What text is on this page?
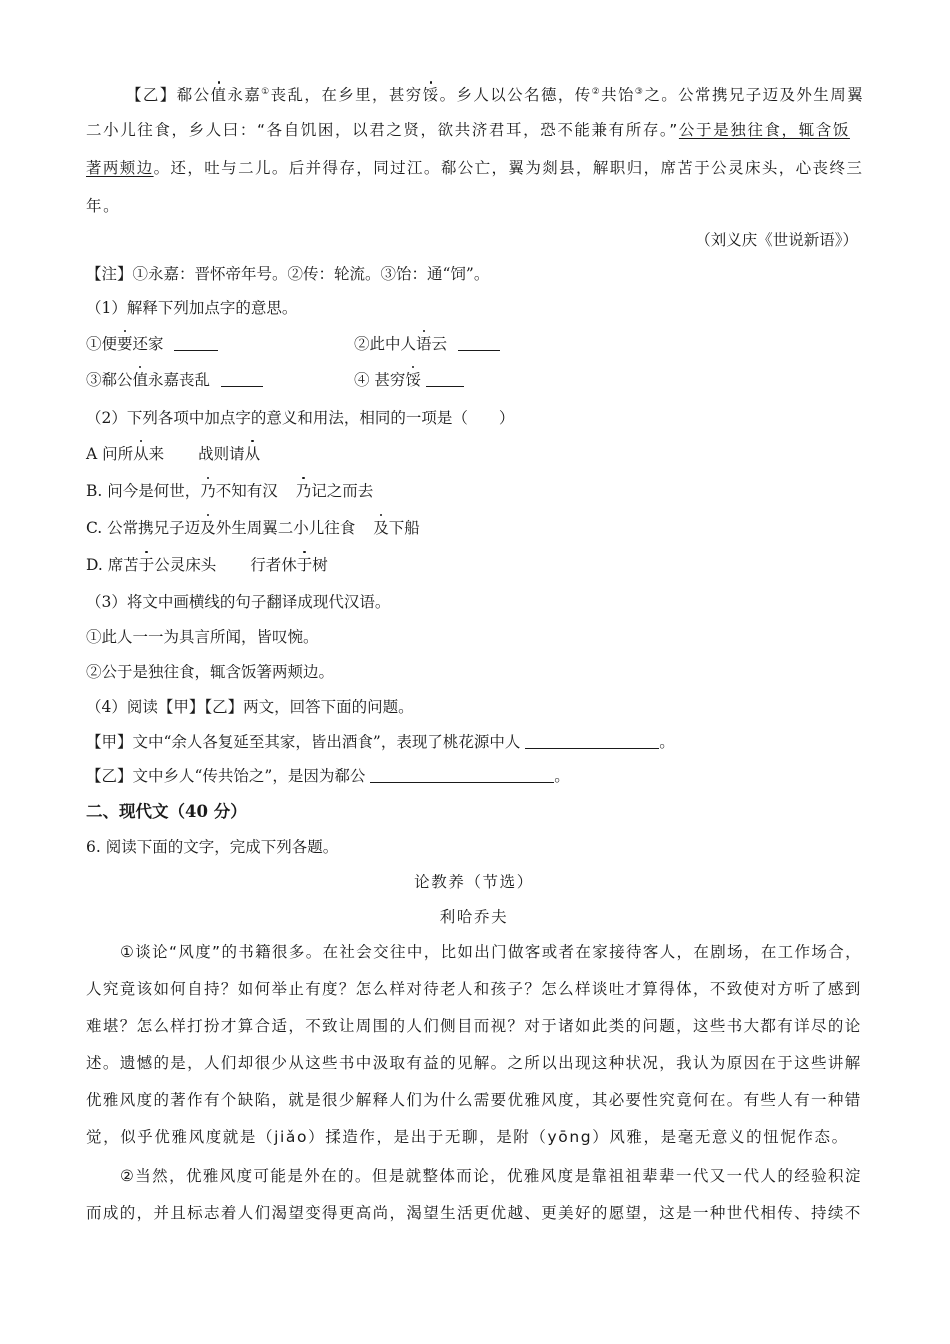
【乙】郗公值永嘉①丧乱，在乡里，甚穷馁。乡人以公名德，传②共饴③之。公常携兄子迈及外生周翼
二小儿往食，乡人曰：“各自饥困，以君之贤，欲共济君耳，恐不能兼有所存。”公于是独往食，辄含饭
著两颊边。还，吐与二儿。后并得存，同过江。郗公亡，翼为剡县，解职归，席苫于公灵床头，心丧终三
年。
（刘义庆《世说新语》）
【注】①永嘉：晋怀帝年号。②传：轮流。③饴：通“饲”。
（1）解释下列加点字的意思。
①便要还家	②此中人语云
③郗公值永嘉丧乱	④ 甚穷馁
（2）下列各项中加点字的意义和用法，相同的一项是（　　）
A 问所从来 战则请从
B. 问今是何世，乃不知有汉 乃记之而去
C. 公常携兄子迈及外生周翼二小儿往食 及下船
D. 席苫于公灵床头 行者休于树
（3）将文中画横线的句子翻译成现代汉语。
①此人一一为具言所闻，皆叹惋。
②公于是独往食，辄含饭箸两颊边。
（4）阅读【甲】【乙】两文，回答下面的问题。
【甲】文中“余人各复延至其家，皆出酒食”，表现了桃花源中人	。
【乙】文中乡人“传共饴之”，是因为郗公	。
二、现代文（40 分）
6. 阅读下面的文字，完成下列各题。
论教养（节选）
利哈乔夫
①谈论“风度”的书籍很多。在社会交往中，比如出门做客或者在家接待客人，在剧场，在工作场合，
人究竟该如何自持？如何举止有度？怎么样对待老人和孩子？怎么样谈吐才算得体，不致使对方听了感到
难堪？怎么样打扮才算合适，不致让周围的人们侧目而视？对于诸如此类的问题，这些书大都有详尽的论
述。遗憾的是，人们却很少从这些书中汲取有益的见解。之所以出现这种状况，我认为原因在于这些讲解
优雅风度的著作有个缺陷，就是很少解释人们为什么需要优雅风度，其必要性究竟何在。有些人有一种错
觉，似乎优雅风度就是（jiǎo）揉造作，是出于无聊，是附（yōng）风雅，是毫无意义的忸怩作态。
②当然，优雅风度可能是外在的。但是就整体而论，优雅风度是靠祖祖辈辈一代又一代人的经验积淀
而成的，并且标志着人们渴望变得更高尚，渴望生活更优越、更美好的愿望，这是一种世代相传、持续不
